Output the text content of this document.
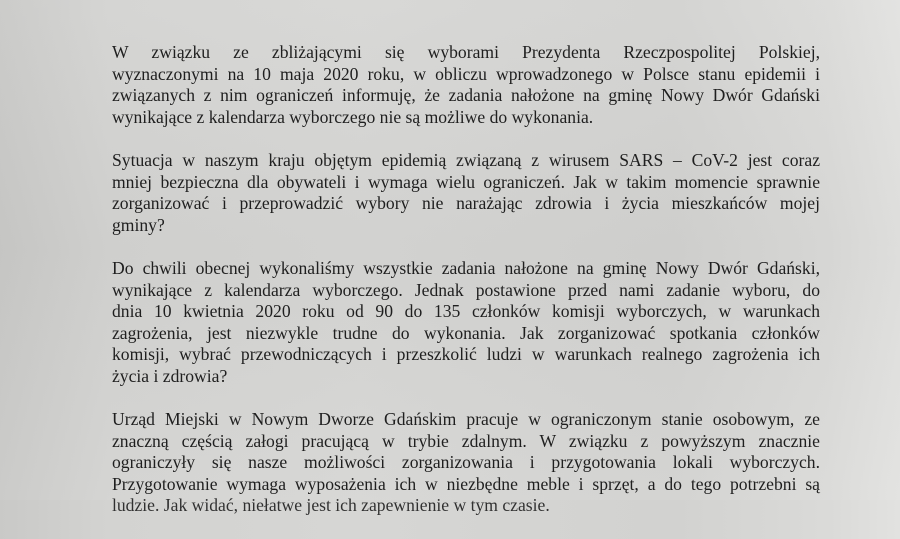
W związku ze zbliżającymi się wyborami Prezydenta Rzeczpospolitej Polskiej,
wyznaczonymi na 10 maja 2020 roku, w obliczu wprowadzonego w Polsce stanu epidemii i
związanych z nim ograniczeń informuję, że zadania nałożone na gminę Nowy Dwór Gdański
wynikające z kalendarza wyborczego nie są możliwe do wykonania.

Sytuacja w naszym kraju objętym epidemią związaną z wirusem SARS – CoV-2 jest coraz
mniej bezpieczna dla obywateli i wymaga wielu ograniczeń. Jak w takim momencie sprawnie
zorganizować i przeprowadzić wybory nie narażając zdrowia i życia mieszkańców mojej
gminy?

Do chwili obecnej wykonaliśmy wszystkie zadania nałożone na gminę Nowy Dwór Gdański,
wynikające z kalendarza wyborczego. Jednak postawione przed nami zadanie wyboru, do
dnia 10 kwietnia 2020 roku od 90 do 135 członków komisji wyborczych, w warunkach
zagrożenia, jest niezwykle trudne do wykonania. Jak zorganizować spotkania członków
komisji, wybrać przewodniczących i przeszkolić ludzi w warunkach realnego zagrożenia ich
życia i zdrowia?

Urząd Miejski w Nowym Dworze Gdańskim pracuje w ograniczonym stanie osobowym, ze
znaczną częścią załogi pracującą w trybie zdalnym. W związku z powyższym znacznie
ograniczyły się nasze możliwości zorganizowania i przygotowania lokali wyborczych.
Przygotowanie wymaga wyposażenia ich w niezbędne meble i sprzęt, a do tego potrzebni są
ludzie. Jak widać, niełatwe jest ich zapewnienie w tym czasie.
